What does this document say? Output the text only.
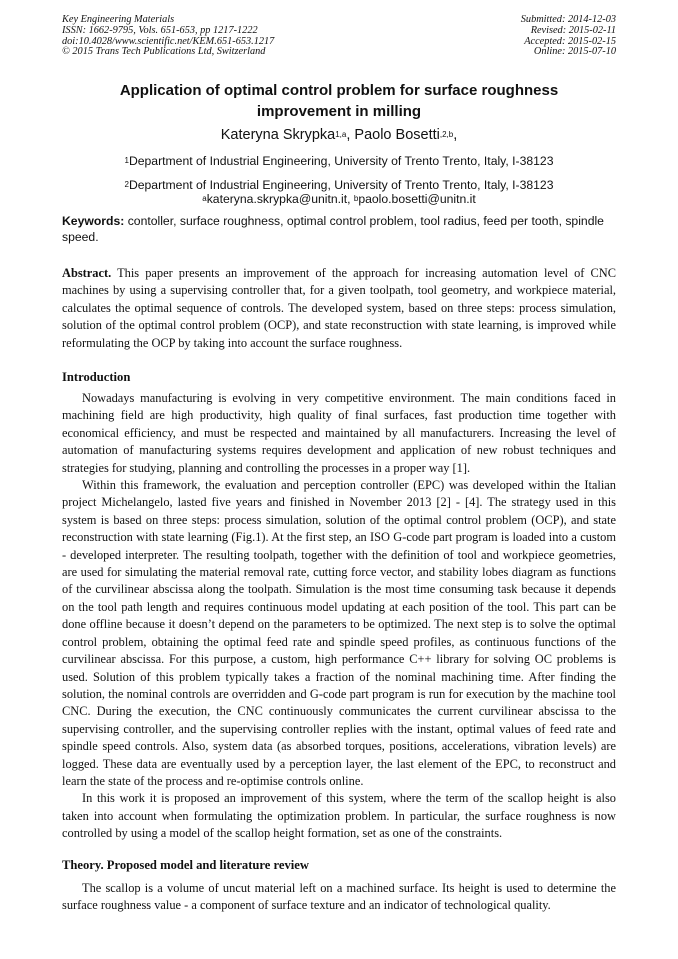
Key Engineering Materials
ISSN: 1662-9795, Vols. 651-653, pp 1217-1222
doi:10.4028/www.scientific.net/KEM.651-653.1217
© 2015 Trans Tech Publications Ltd, Switzerland
Submitted: 2014-12-03
Revised: 2015-02-11
Accepted: 2015-02-15
Online: 2015-07-10
Application of optimal control problem for surface roughness
improvement in milling
Kateryna Skrypka$^{1,a}$, Paolo Bosetti$^{,2,b}$,
$^1$Department of Industrial Engineering, University of Trento Trento, Italy, I-38123
$^2$Department of Industrial Engineering, University of Trento Trento, Italy, I-38123
$^a$kateryna.skrypka@unitn.it, $^b$paolo.bosetti@unitn.it
Keywords: contoller, surface roughness, optimal control problem, tool radius, feed per tooth, spindle speed.
Abstract. This paper presents an improvement of the approach for increasing automation level of CNC machines by using a supervising controller that, for a given toolpath, tool geometry, and workpiece material, calculates the optimal sequence of controls. The developed system, based on three steps: process simulation, solution of the optimal control problem (OCP), and state reconstruction with state learning, is improved while reformulating the OCP by taking into account the surface roughness.
Introduction

Nowadays manufacturing is evolving in very competitive environment. The main conditions faced in machining field are high productivity, high quality of final surfaces, fast production time together with economical efficiency, and must be respected and maintained by all manufacturers. Increasing the level of automation of manufacturing systems requires development and application of new robust techniques and strategies for studying, planning and controlling the processes in a proper way [1].

Within this framework, the evaluation and perception controller (EPC) was developed within the Italian project Michelangelo, lasted five years and finished in November 2013 [2] - [4]. The strategy used in this system is based on three steps: process simulation, solution of the optimal control problem (OCP), and state reconstruction with state learning (Fig.1). At the first step, an ISO G-code part program is loaded into a custom - developed interpreter. The resulting toolpath, together with the definition of tool and workpiece geometries, are used for simulating the material removal rate, cutting force vector, and stability lobes diagram as functions of the curvilinear abscissa along the toolpath. Simulation is the most time consuming task because it depends on the tool path length and requires continuous model updating at each position of the tool. This part can be done offline because it doesn’t depend on the parameters to be optimized. The next step is to solve the optimal control problem, obtaining the optimal feed rate and spindle speed profiles, as continuous functions of the curvilinear abscissa. For this purpose, a custom, high performance C++ library for solving OC problems is used. Solution of this problem typically takes a fraction of the nominal machining time. After finding the solution, the nominal controls are overridden and G-code part program is run for execution by the machine tool CNC. During the execution, the CNC continuously communicates the current curvilinear abscissa to the supervising controller, and the supervising controller replies with the instant, optimal values of feed rate and spindle speed controls. Also, system data (as absorbed torques, positions, accelerations, vibration levels) are logged. These data are eventually used by a perception layer, the last element of the EPC, to reconstruct and learn the state of the process and re-optimise controls online.

In this work it is proposed an improvement of this system, where the term of the scallop height is also taken into account when formulating the optimization problem. In particular, the surface roughness is now controlled by using a model of the scallop height formation, set as one of the constraints.

Theory. Proposed model and literature review

The scallop is a volume of uncut material left on a machined surface. Its height is used to determine the surface roughness value - a component of surface texture and an indicator of technological quality.
